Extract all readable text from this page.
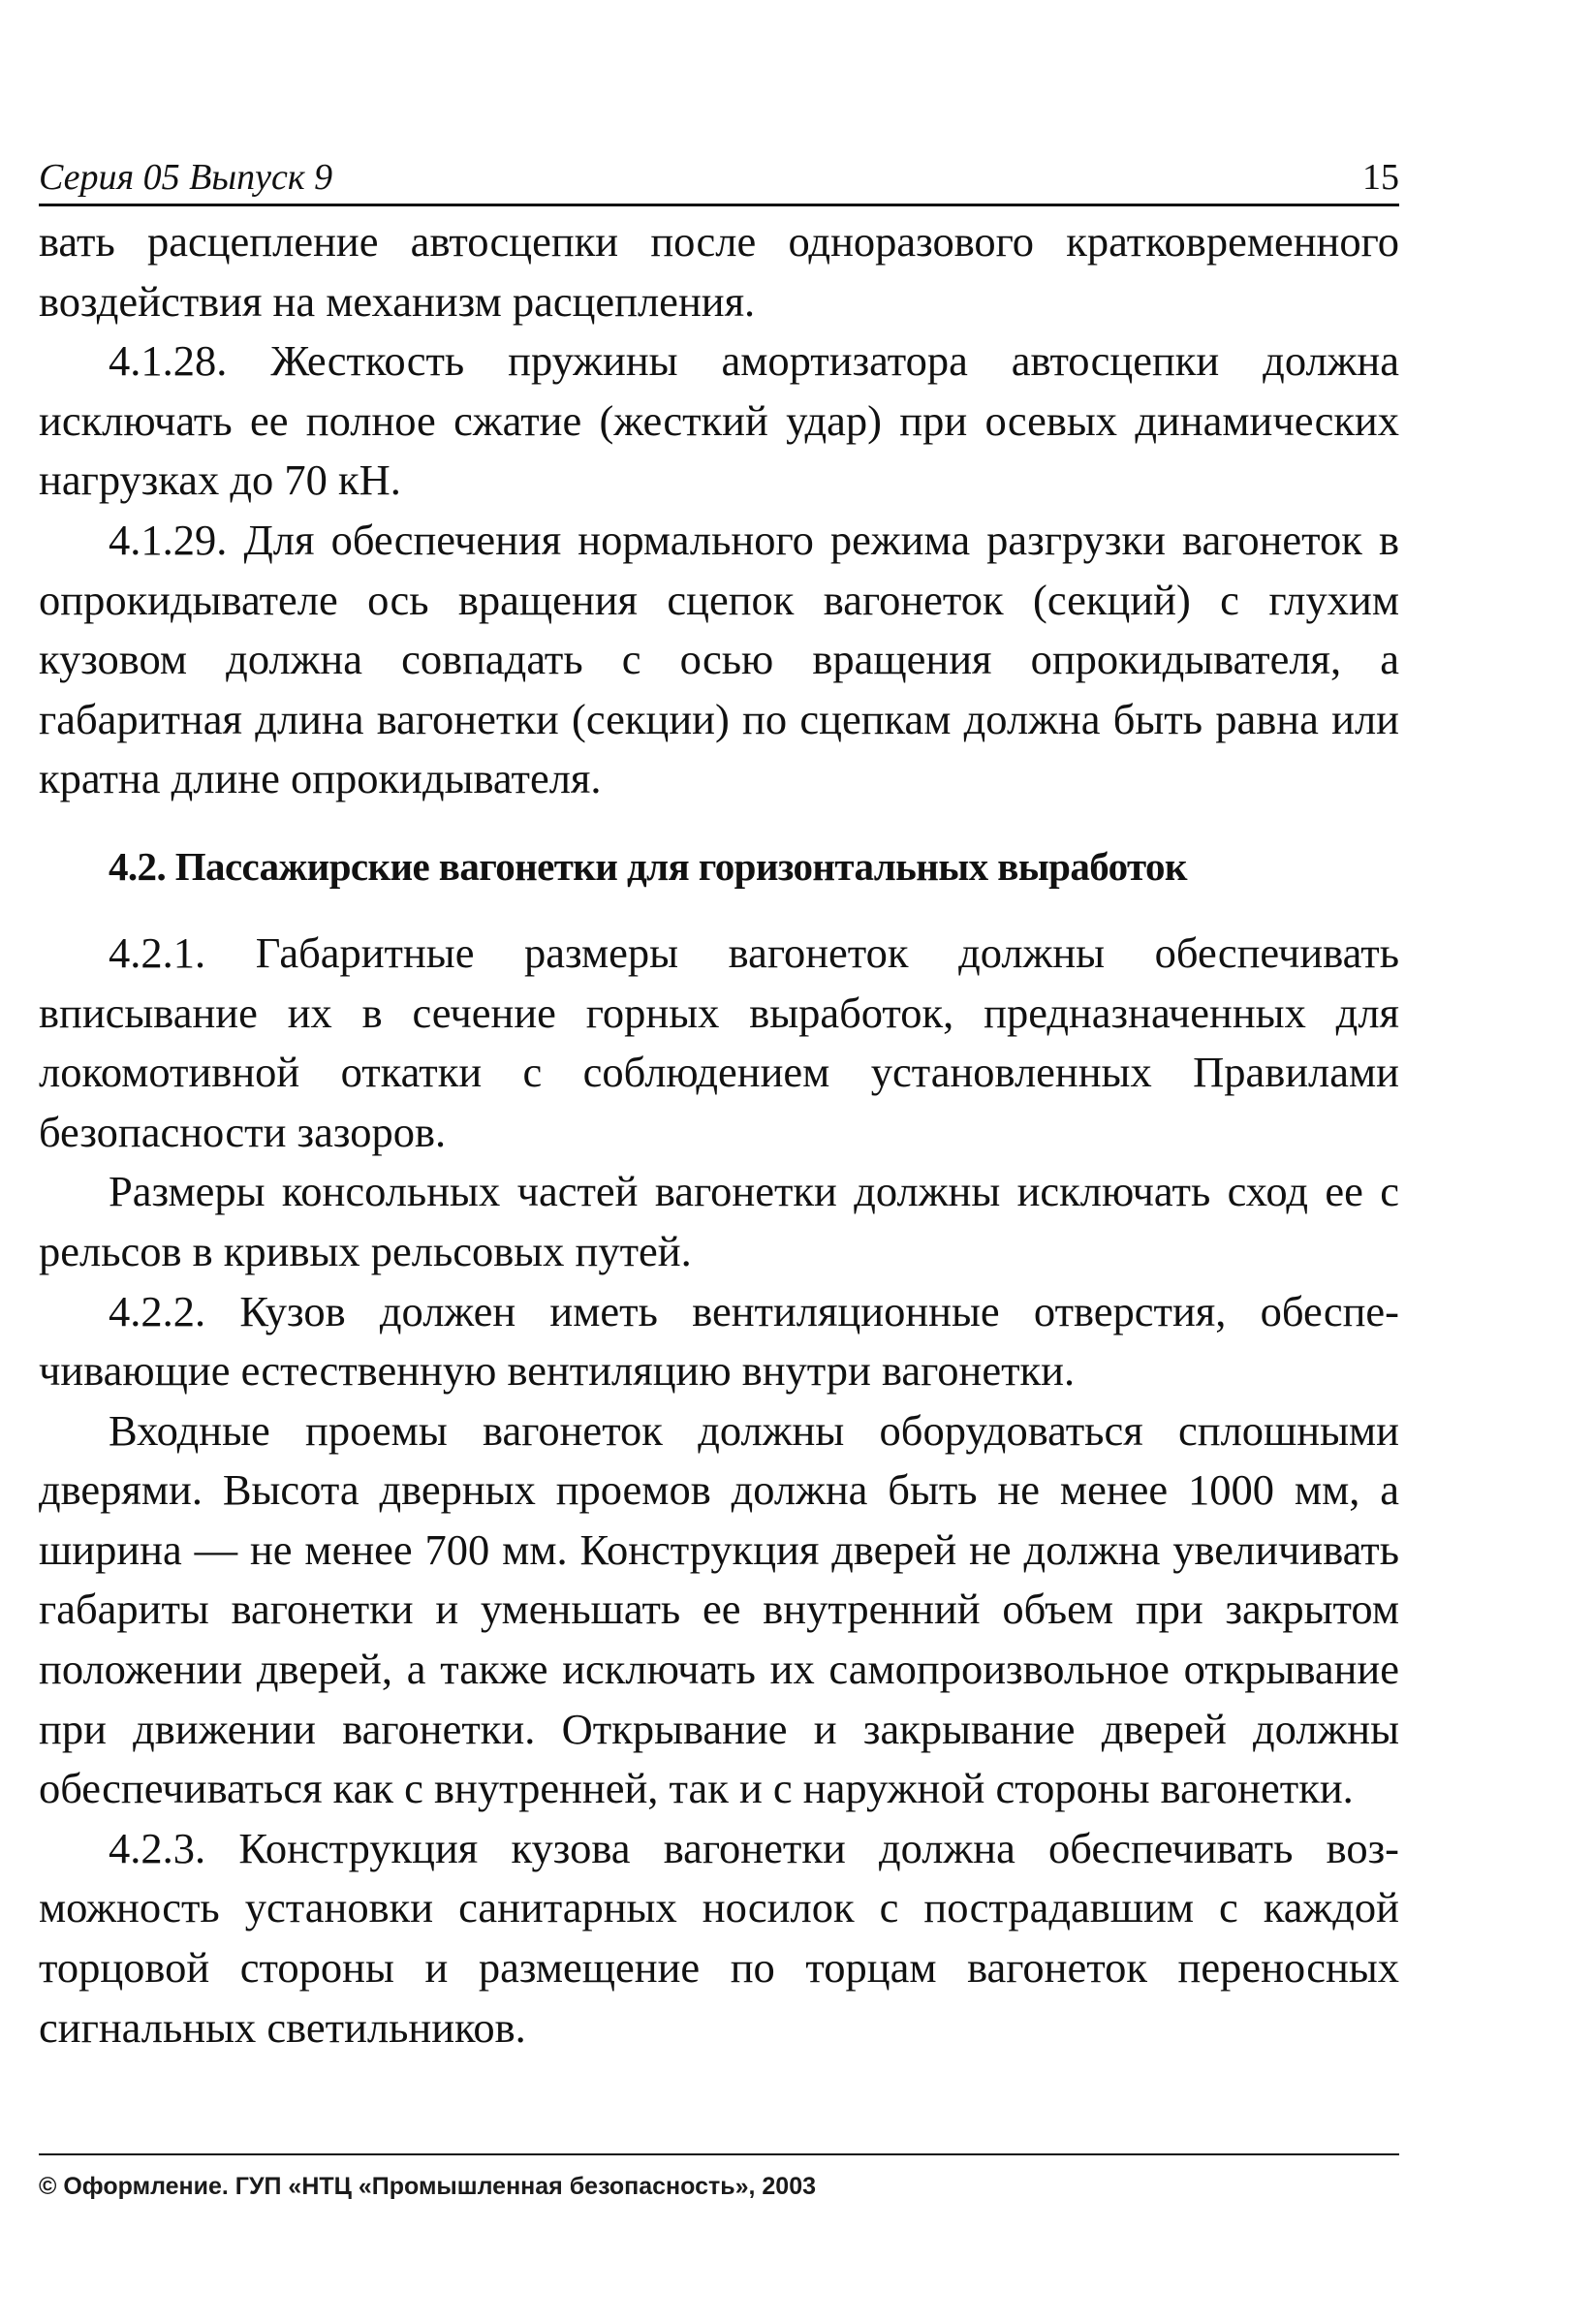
Серия 05 Выпуск 9	15

вать расцепление автосцепки после одноразового кратковременного воздействия на механизм расцепления.

4.1.28. Жесткость пружины амортизатора автосцепки должна исключать ее полное сжатие (жесткий удар) при осевых динамических нагрузках до 70 кН.

4.1.29. Для обеспечения нормального режима разгрузки вагонеток в опрокидывателе ось вращения сцепок вагонеток (секций) с глухим кузовом должна совпадать с осью вращения опрокидывателя, а габаритная длина вагонетки (секции) по сцепкам должна быть равна или кратна длине опрокидывателя.

4.2. Пассажирские вагонетки для горизонтальных выработок

4.2.1. Габаритные размеры вагонеток должны обеспечивать вписывание их в сечение горных выработок, предназначенных для локомотивной откатки с соблюдением установленных Правилами безопасности зазоров.

Размеры консольных частей вагонетки должны исключать сход ее с рельсов в кривых рельсовых путей.

4.2.2. Кузов должен иметь вентиляционные отверстия, обеспечивающие естественную вентиляцию внутри вагонетки.

Входные проемы вагонеток должны оборудоваться сплошными дверями. Высота дверных проемов должна быть не менее 1000 мм, а ширина — не менее 700 мм. Конструкция дверей не должна увеличивать габариты вагонетки и уменьшать ее внутренний объем при закрытом положении дверей, а также исключать их самопроизвольное открывание при движении вагонетки. Открывание и закрывание дверей должны обеспечиваться как с внутренней, так и с наружной стороны вагонетки.

4.2.3. Конструкция кузова вагонетки должна обеспечивать возможность установки санитарных носилок с пострадавшим с каждой торцовой стороны и размещение по торцам вагонеток переносных сигнальных светильников.

© Оформление. ГУП «НТЦ «Промышленная безопасность», 2003
